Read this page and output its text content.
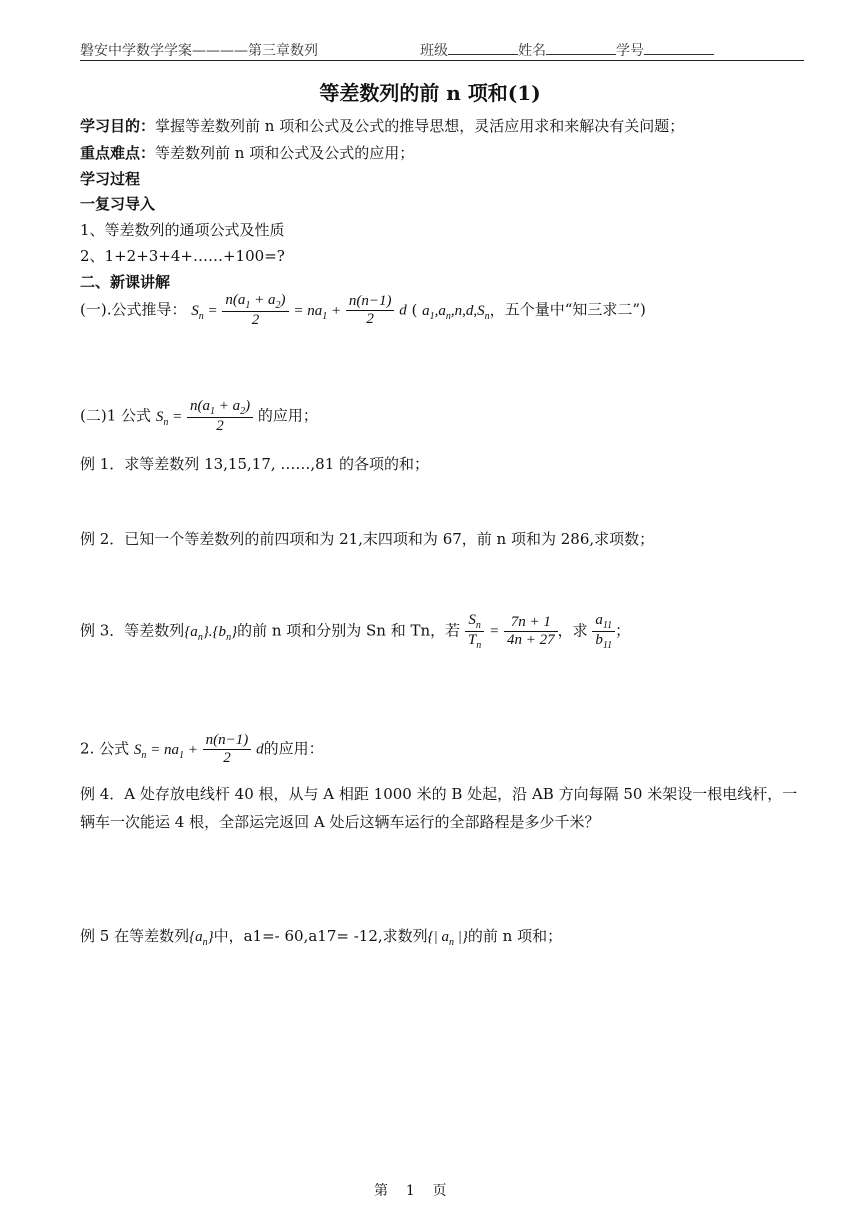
磐安中学数学学案————第三章数列	班级	姓名	学号
等差数列的前 n 项和(1)
学习目的：掌握等差数列前 n 项和公式及公式的推导思想，灵活应用求和来解决有关问题；
重点难点：等差数列前 n 项和公式及公式的应用；
学习过程
一复习导入
1、等差数列的通项公式及性质
2、1+2+3+4+……+100=?
二、新课讲解
(一).公式推导： $S_n = \frac{n(a_1 + a_2)}{2} = na_1 + \frac{n(n-1)}{2}$ d ( $a_1,a_n,n,d,S_n$，五个量中“知三求二”)
(二)1 公式 $S_n = \frac{n(a_1 + a_2)}{2}$ 的应用；
例 1．求等差数列 13,15,17, ……,81 的各项的和；
例 2．已知一个等差数列的前四项和为 21,末四项和为 67，前 n 项和为 286,求项数；
例 3．等差数列$\{a_n\}.\{b_n\}$的前 n 项和分别为 Sn 和 Tn，若 $\frac{S_n}{T_n} = \frac{7n + 1}{4n + 27}$ ，求 $\frac{a_{11}}{b_{11}}$ ；
2. 公式 $S_n = na_1 + \frac{n(n-1)}{2}$ d的应用：
例 4．A 处存放电线杆 40 根，从与 A 相距 1000 米的 B 处起，沿 AB 方向每隔 50 米架设一根电线杆，一辆车一次能运 4 根，全部运完返回 A 处后这辆车运行的全部路程是多少千米？
例 5 在等差数列$\{a_n\}$中，a1=- 60,a17= -12,求数列{| $a_n$ |}的前 n 项和；
第 1 页
